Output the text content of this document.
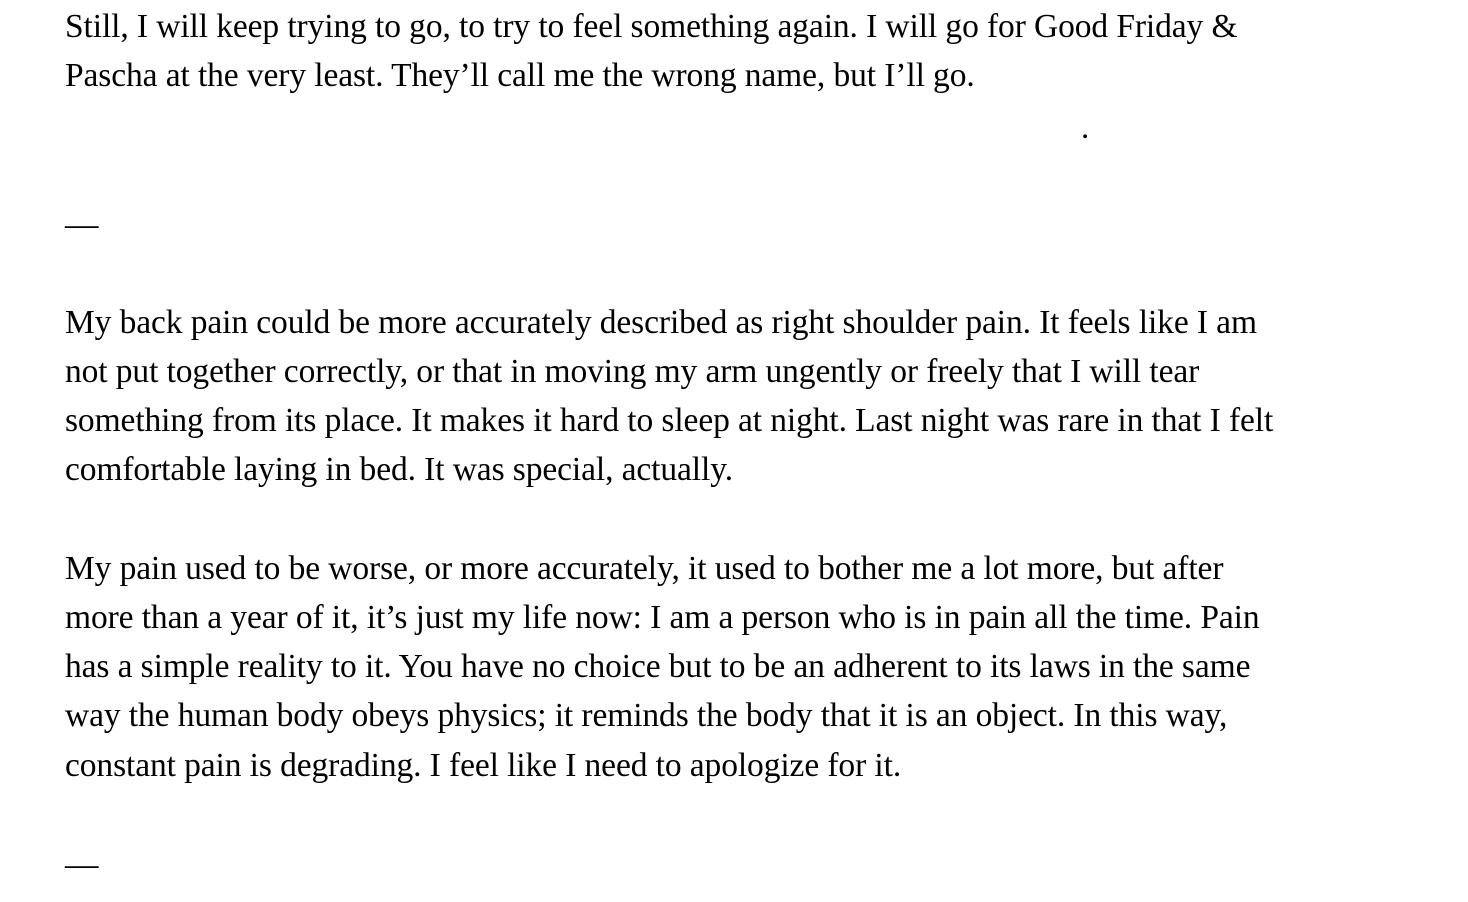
Still, I will keep trying to go, to try to feel something again. I will go for Good Friday &
Pascha at the very least. They’ll call me the wrong name, but I’ll go.
.
—
My back pain could be more accurately described as right shoulder pain. It feels like I am
not put together correctly, or that in moving my arm ungently or freely that I will tear
something from its place. It makes it hard to sleep at night. Last night was rare in that I felt
comfortable laying in bed. It was special, actually.
My pain used to be worse, or more accurately, it used to bother me a lot more, but after
more than a year of it, it’s just my life now: I am a person who is in pain all the time. Pain
has a simple reality to it. You have no choice but to be an adherent to its laws in the same
way the human body obeys physics; it reminds the body that it is an object. In this way,
constant pain is degrading. I feel like I need to apologize for it.
—
